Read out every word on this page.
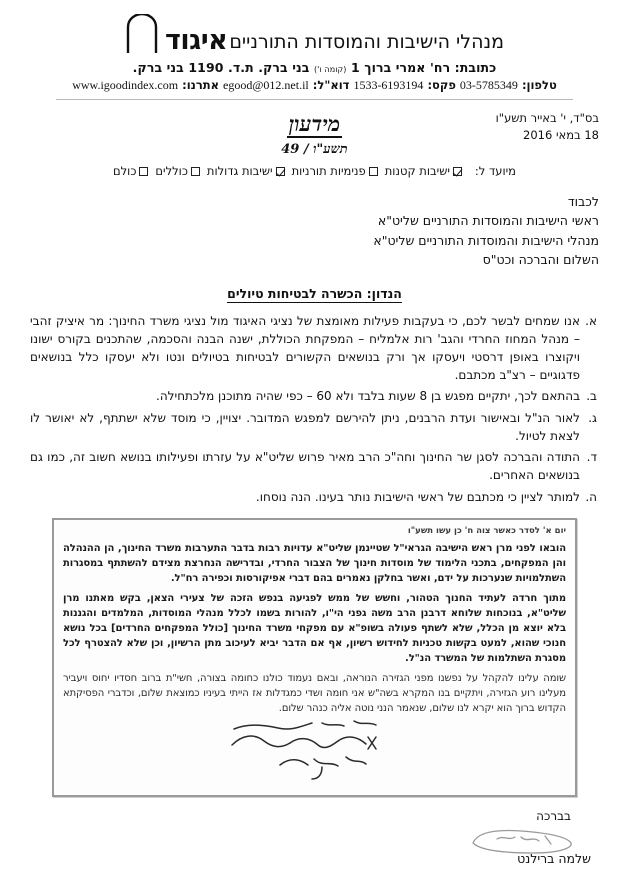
מנהלי הישיבות והמוסדות התורניים
איגוד
כתובת: רח' אמרי ברוך 1 (קומה ו') בני ברק. ת.ד. 1190 בני ברק.
טלפון: 03-5785349 פקס: 1533-6193194 דוא"ל: egood@012.net.il אתרנו: www.igoodindex.com
בס"ד, י' באייר תשע"ו
18 במאי 2016
מידעון
תשע"ו / 49
מיועד ל:
ישיבות קטנות
פנימיות תורניות
ישיבות גדולות
כוללים
כולם
לכבוד
ראשי הישיבות והמוסדות התורניים שליט"א
מנהלי הישיבות והמוסדות התורניים שליט"א
השלום והברכה וכט"ס
הנדון: הכשרה לבטיחות טיולים
א.
אנו שמחים לבשר לכם, כי בעקבות פעילות מאומצת של נציגי האיגוד מול נציגי משרד החינוך: מר איציק זהבי – מנהל המחוז החרדי והגב' רות אלמליח – המפקחת הכוללת, ישנה הבנה והסכמה, שהתכנים בקורס ישונו ויקוצרו באופן דרסטי ויעסקו אך ורק בנושאים הקשורים לבטיחות בטיולים ונטו ולא יעסקו כלל בנושאים פדגוגיים – רצ"ב מכתבם.
ב.
בהתאם לכך, יתקיים מפגש בן 8 שעות בלבד ולא 60 – כפי שהיה מתוכנן מלכתחילה.
ג.
לאור הנ"ל ובאישור ועדת הרבנים, ניתן להירשם למפגש המדובר. יצויין, כי מוסד שלא ישתתף, לא יאושר לו לצאת לטיול.
ד.
התודה והברכה לסגן שר החינוך וחה"כ הרב מאיר פרוש שליט"א על עזרתו ופעילותו בנושא חשוב זה, כמו גם בנושאים האחרים.
ה.
למותר לציין כי מכתבם של ראשי הישיבות נותר בעינו. הנה נוסחו.
יום א' לסדר כאשר צוה ח' כן עשו תשע"ו
הובאו לפני מרן ראש הישיבה הגראי"ל שטיינמן שליט"א עדויות רבות בדבר התערבות משרד החינוך, הן ההנהלה והן המפקחים, בתכני הלימוד של מוסדות חינוך של הצבור החרדי, ובדרישה הנחרצת מצידם להשתתף במסגרות השתלמויות שנערכות על ידם, ואשר בחלקן נאמרים בהם דברי אפיקורסות וכפירה רח"ל.
מתוך חרדה לעתיד החנוך הטהור, וחשש של ממש לפגיעה בנפש הזכה של צעירי הצאן, בקש מאתנו מרן שליט"א, בנוכחות שלוחא דרבנן הרב משה גפני הי"ו, להורות בשמו לכלל מנהלי המוסדות, המלמדים והגננות בלא יוצא מן הכלל, שלא לשתף פעולה בשופ"א עם מפקחי משרד החינוך [כולל המפקחים החרדים] בכל נושא חנוכי שהוא, למעט בקשות טכניות לחידוש רשיון, אף אם הדבר יביא לעיכוב מתן הרשיון, וכן שלא להצטרף לכל מסגרת השתלמות של המשרד הנ"ל.
שומה עלינו להקהל על נפשנו מפני הגזירה הנוראה, ובאם נעמוד כולנו כחומה בצורה, חשי"ת ברוב חסדיו יחוס ויעביר מעלינו רוע הגזירה, ויתקיים בנו המקרא בשה"ש אני חומה ושדי כמגדלות אז הייתי בעיניו כמוצאת שלום, וכדברי הפסיקתא הקדוש ברוך הוא יקרא לנו שלום, שנאמר הנני נוטה אליה כנהר שלום.
בברכה
שלמה ברילנט
